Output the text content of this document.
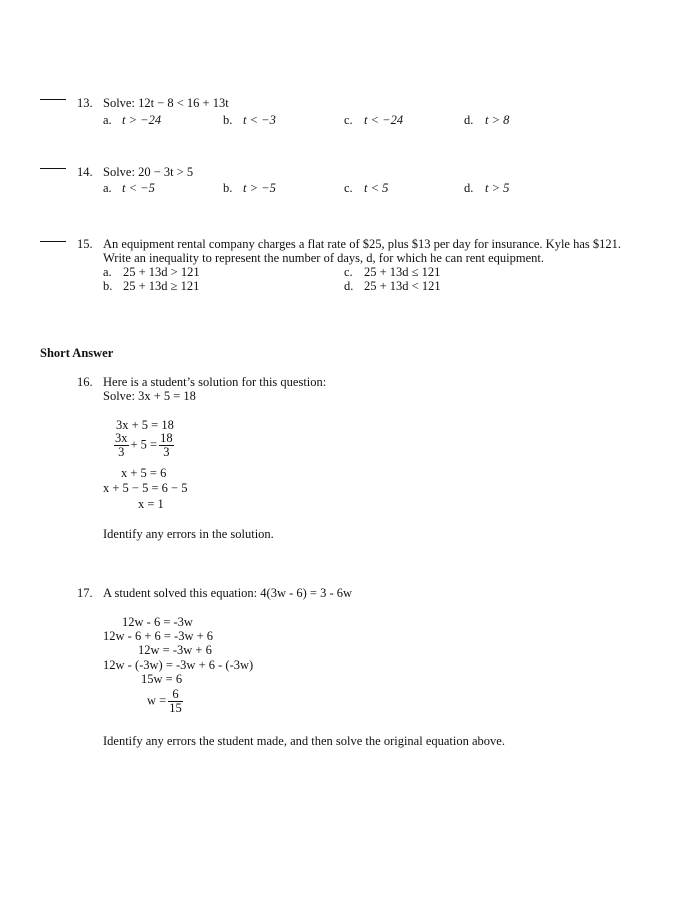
13. Solve: 12t − 8 < 16 + 13t
a. t > −24	b. t < −3	c. t < −24	d. t > 8
14. Solve: 20 − 3t > 5
a. t < −5	b. t > −5	c. t < 5	d. t > 5
15. An equipment rental company charges a flat rate of $25, plus $13 per day for insurance. Kyle has $121.
Write an inequality to represent the number of days, d, for which he can rent equipment.
a. 25 + 13d > 121
b. 25 + 13d ≥ 121
c. 25 + 13d ≤ 121
d. 25 + 13d < 121
Short Answer
16. Here is a student’s solution for this question:
Solve: 3x + 5 = 18
3x + 5 = 18
$\frac{3x}{3} + 5 = \frac{18}{3}$
x + 5 = 6
x + 5 − 5 = 6 − 5
x = 1
Identify any errors in the solution.
17. A student solved this equation: 4(3w - 6) = 3 - 6w
12w - 6 = -3w
12w - 6 + 6 = -3w + 6
12w = -3w + 6
12w - (-3w) = -3w + 6 - (-3w)
15w = 6
$w = \frac{6}{15}$
Identify any errors the student made, and then solve the original equation above.
